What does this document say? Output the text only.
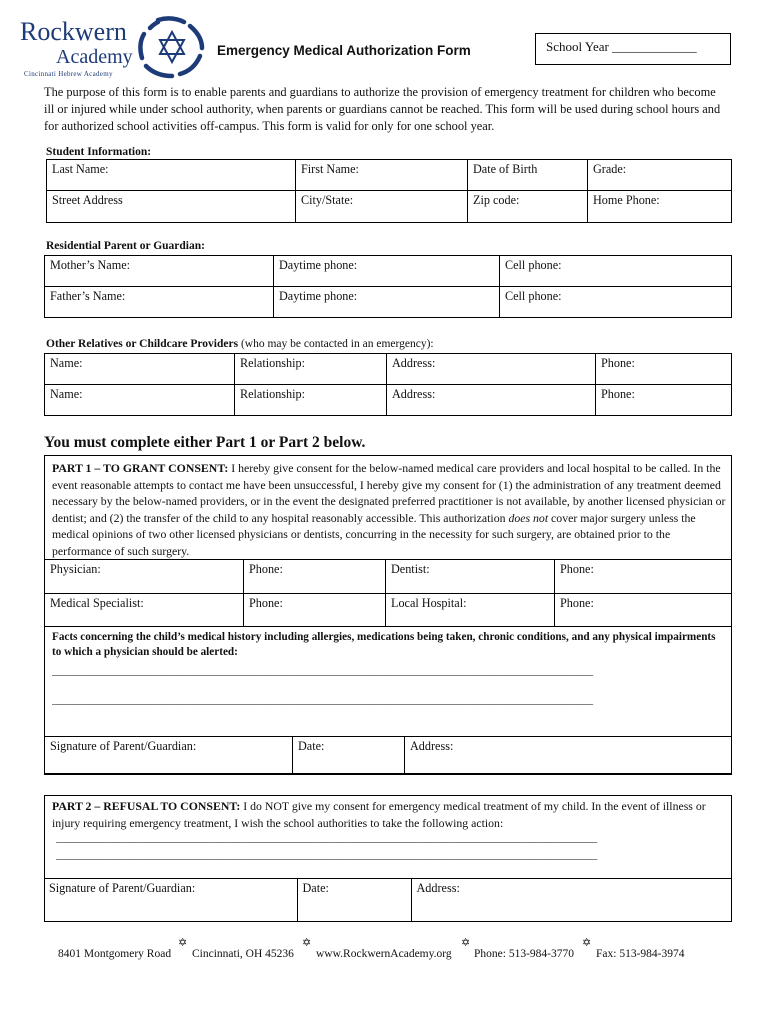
Rockwern
Academy
Cincinnati Hebrew Academy
Emergency Medical Authorization Form	School Year _____________
The purpose of this form is to enable parents and guardians to authorize the provision of emergency treatment for children who become ill or injured while under school authority, when parents or guardians cannot be reached. This form will be used during school hours and for authorized school activities off-campus. This form is valid for only for one school year.
Student Information:
Last Name:	First Name:	Date of Birth	Grade:
Street Address	City/State:	Zip code:	Home Phone:
Residential Parent or Guardian:
Mother’s Name:	Daytime phone:	Cell phone:
Father’s Name:	Daytime phone:	Cell phone:
Other Relatives or Childcare Providers (who may be contacted in an emergency):
Name:	Relationship:	Address:	Phone:
Name:	Relationship:	Address:	Phone:
You must complete either Part 1 or Part 2 below.
PART 1 – TO GRANT CONSENT: I hereby give consent for the below-named medical care providers and local hospital to be called. In the event reasonable attempts to contact me have been unsuccessful, I hereby give my consent for (1) the administration of any treatment deemed necessary by the below-named providers, or in the event the designated preferred practitioner is not available, by another licensed physician or dentist; and (2) the transfer of the child to any hospital reasonably accessible. This authorization does not cover major surgery unless the medical opinions of two other licensed physicians or dentists, concurring in the necessity for such surgery, are obtained prior to the performance of such surgery.
Physician:	Phone:	Dentist:	Phone:
Medical Specialist:	Phone:	Local Hospital:	Phone:
Facts concerning the child’s medical history including allergies, medications being taken, chronic conditions, and any physical impairments to which a physician should be alerted:
________________________________________________________________________________________________________
________________________________________________________________________________________________________
Signature of Parent/Guardian:	Date:	Address:
PART 2 – REFUSAL TO CONSENT: I do NOT give my consent for emergency medical treatment of my child. In the event of illness or injury requiring emergency treatment, I wish the school authorities to take the following action:
________________________________________________________________________________________________________
________________________________________________________________________________________________________
Signature of Parent/Guardian:	Date:	Address:
✡	✡	✡	✡
8401 Montgomery Road Cincinnati, OH 45236 www.RockwernAcademy.org Phone: 513-984-3770 Fax: 513-984-3974
